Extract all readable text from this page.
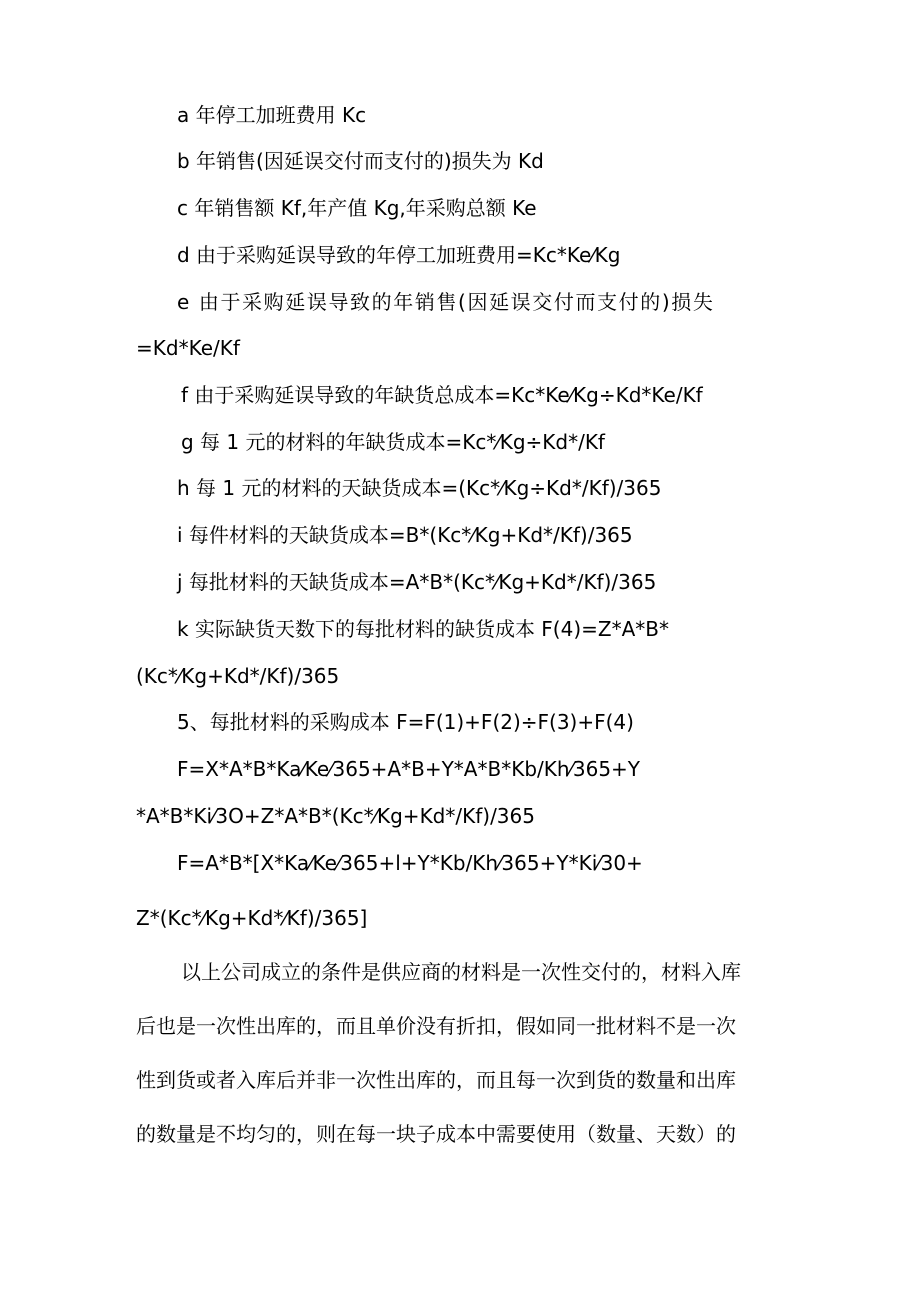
a 年停工加班费用 Kc
b 年销售(因延误交付而支付的)损失为 Kd
c 年销售额 Kf,年产值 Kg,年采购总额 Ke
d 由于采购延误导致的年停工加班费用=Kc*Ke⁄Kg
e 由于采购延误导致的年销售(因延误交付而支付的)损失
=Kd*Ke/Kf
f 由于采购延误导致的年缺货总成本=Kc*Ke⁄Kg÷Kd*Ke/Kf
g 每 1 元的材料的年缺货成本=Kc*⁄Kg÷Kd*/Kf
h 每 1 元的材料的天缺货成本=(Kc*⁄Kg÷Kd*/Kf)/365
i 每件材料的天缺货成本=B*(Kc*⁄Kg+Kd*/Kf)/365
j 每批材料的天缺货成本=A*B*(Kc*⁄Kg+Kd*/Kf)/365
k 实际缺货天数下的每批材料的缺货成本 F(4)=Z*A*B*
(Kc*⁄Kg+Kd*/Kf)/365
5、每批材料的采购成本 F=F(1)+F(2)÷F(3)+F(4)
F=X*A*B*Ka⁄Ke⁄365+A*B+Y*A*B*Kb/Kh⁄365+Y
*A*B*Ki⁄3O+Z*A*B*(Kc*⁄Kg+Kd*/Kf)/365
F=A*B*[X*Ka⁄Ke⁄365+l+Y*Kb/Kh⁄365+Y*Ki⁄30+
Z*(Kc*⁄Kg+Kd*⁄Kf)/365]
以上公司成立的条件是供应商的材料是一次性交付的，材料入库
后也是一次性出库的，而且单价没有折扣，假如同一批材料不是一次
性到货或者入库后并非一次性出库的，而且每一次到货的数量和出库
的数量是不均匀的，则在每一块子成本中需要使用（数量、天数）的
